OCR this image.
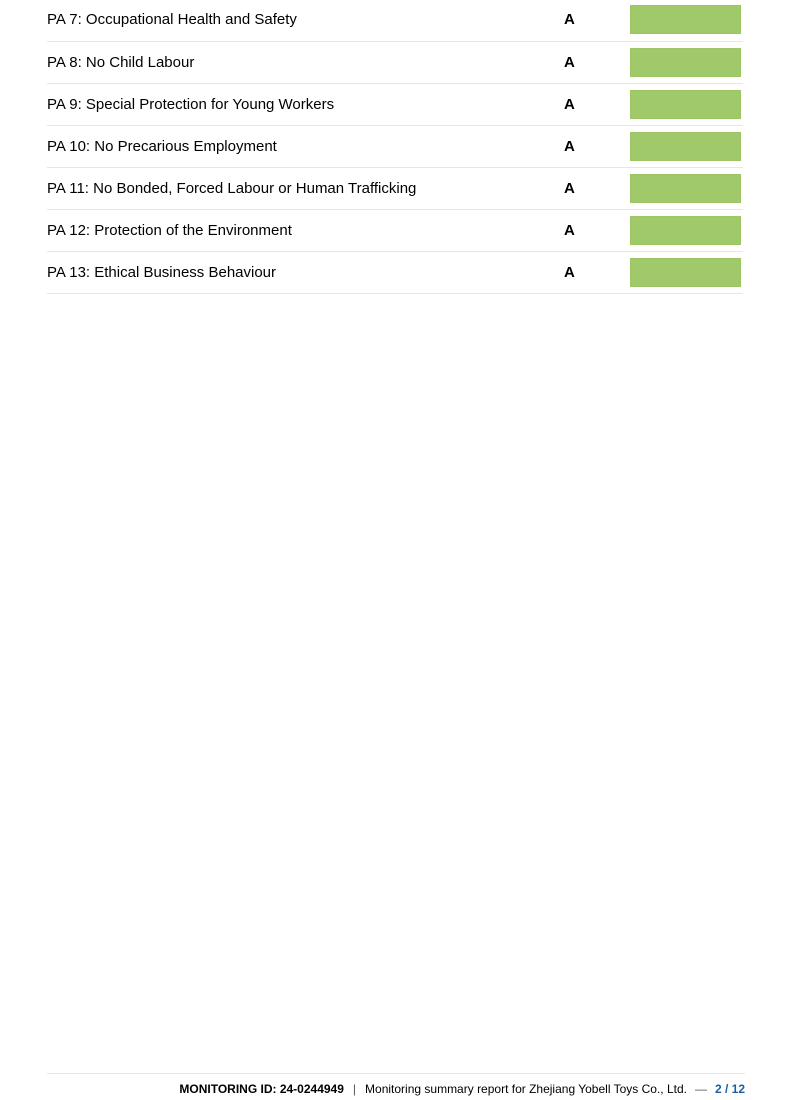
PA 7: Occupational Health and Safety	A
PA 8: No Child Labour	A
PA 9: Special Protection for Young Workers	A
PA 10: No Precarious Employment	A
PA 11: No Bonded, Forced Labour or Human Trafficking	A
PA 12: Protection of the Environment	A
PA 13: Ethical Business Behaviour	A
MONITORING ID: 24-0244949 | Monitoring summary report for Zhejiang Yobell Toys Co., Ltd. — 2 / 12
